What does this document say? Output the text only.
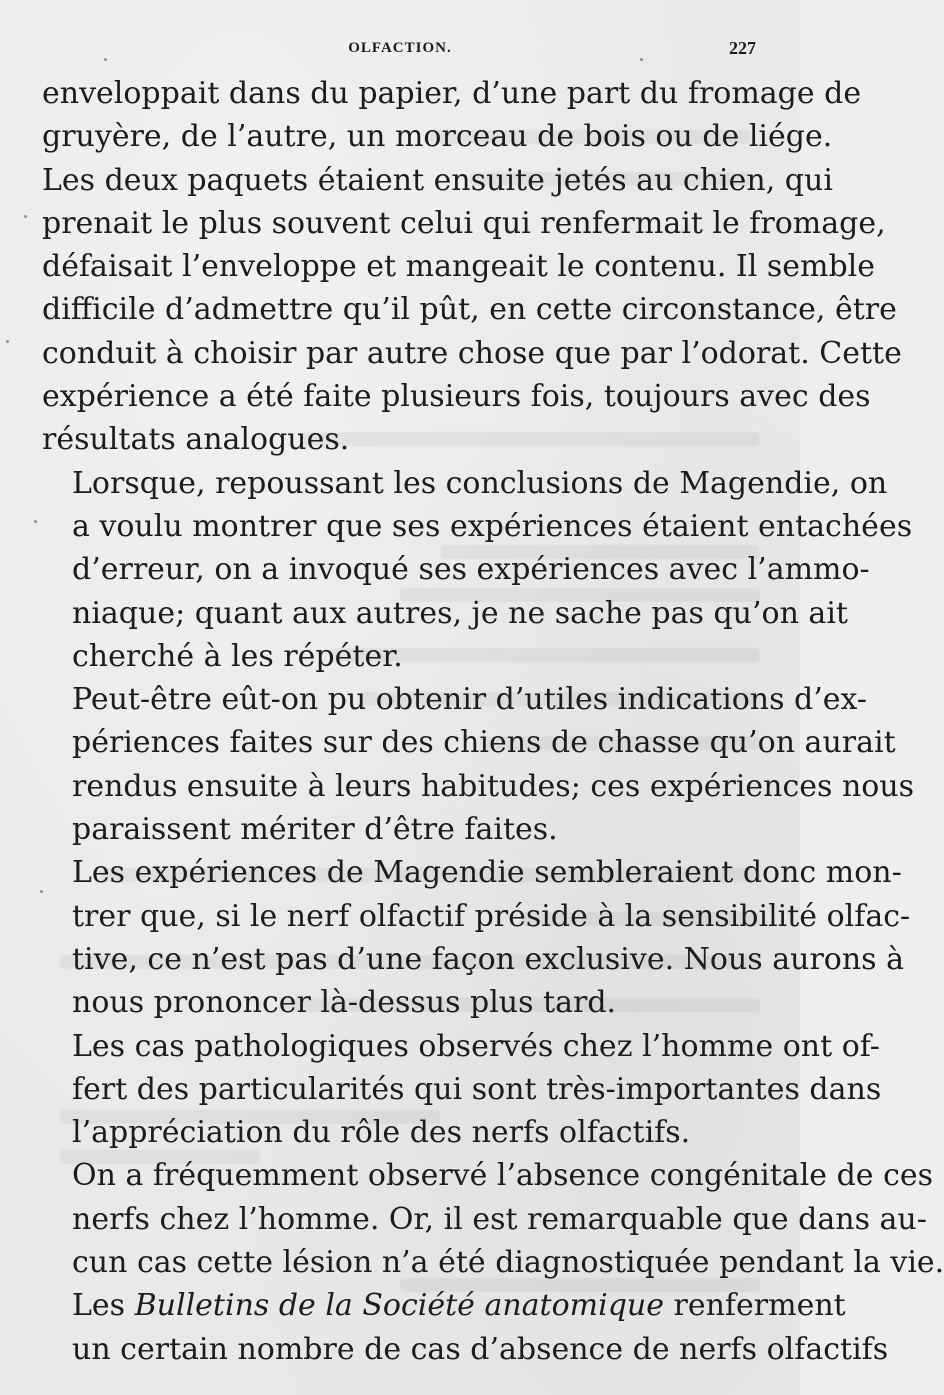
OLFACTION.	227

enveloppait dans du papier, d’une part du fromage de
gruyère, de l’autre, un morceau de bois ou de liége.
Les deux paquets étaient ensuite jetés au chien, qui
prenait le plus souvent celui qui renfermait le fromage,
défaisait l’enveloppe et mangeait le contenu. Il semble
difficile d’admettre qu’il pût, en cette circonstance, être
conduit à choisir par autre chose que par l’odorat. Cette
expérience a été faite plusieurs fois, toujours avec des
résultats analogues.

Lorsque, repoussant les conclusions de Magendie, on
a voulu montrer que ses expériences étaient entachées
d’erreur, on a invoqué ses expériences avec l’ammo-
niaque; quant aux autres, je ne sache pas qu’on ait
cherché à les répéter.

Peut-être eût-on pu obtenir d’utiles indications d’ex-
périences faites sur des chiens de chasse qu’on aurait
rendus ensuite à leurs habitudes; ces expériences nous
paraissent mériter d’être faites.

Les expériences de Magendie sembleraient donc mon-
trer que, si le nerf olfactif préside à la sensibilité olfac-
tive, ce n’est pas d’une façon exclusive. Nous aurons à
nous prononcer là-dessus plus tard.

Les cas pathologiques observés chez l’homme ont of-
fert des particularités qui sont très-importantes dans
l’appréciation du rôle des nerfs olfactifs.

On a fréquemment observé l’absence congénitale de ces
nerfs chez l’homme. Or, il est remarquable que dans au-
cun cas cette lésion n’a été diagnostiquée pendant la vie.

Les Bulletins de la Société anatomique renferment
un certain nombre de cas d’absence de nerfs olfactifs
